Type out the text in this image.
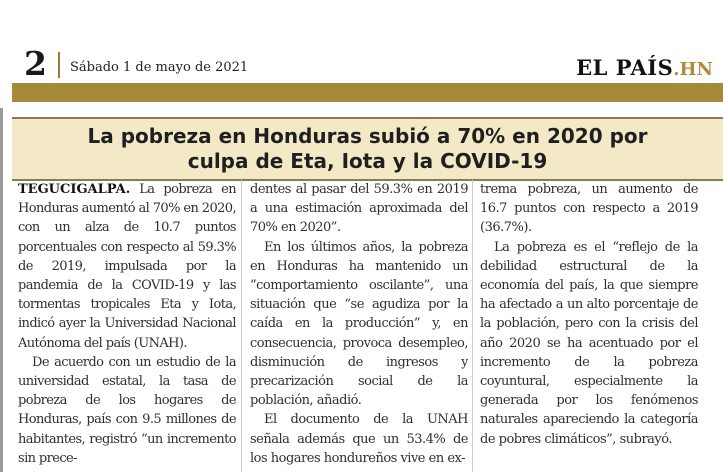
2 Sábado 1 de mayo de 2021	EL PAÍS.HN
La pobreza en Honduras subió a 70% en 2020 por
culpa de Eta, Iota y la COVID-19

TEGUCIGALPA. La pobreza en Honduras aumentó al 70% en 2020, con un alza de 10.7 puntos porcentuales con respecto al 59.3% de 2019, impulsada por la pandemia de la COVID-19 y las tormentas tropicales Eta y Iota, indicó ayer la Universidad Nacional Autónoma del país (UNAH).

De acuerdo con un estudio de la universidad estatal, la tasa de pobreza de los hogares de Honduras, país con 9.5 millones de habitantes, registró “un incremento sin prece-

dentes al pasar del 59.3% en 2019 a una estimación aproximada del 70% en 2020”.

En los últimos años, la pobreza en Honduras ha mantenido un “comportamiento oscilante”, una situación que “se agudiza por la caída en la producción” y, en consecuencia, provoca desempleo, disminución de ingresos y precarización social de la población, añadió.

El documento de la UNAH señala además que un 53.4% de los hogares hondureños vive en ex-

trema pobreza, un aumento de 16.7 puntos con respecto a 2019 (36.7%).

La pobreza es el “reflejo de la debilidad estructural de la economía del país, la que siempre ha afectado a un alto porcentaje de la población, pero con la crisis del año 2020 se ha acentuado por el incremento de la pobreza coyuntural, especialmente la generada por los fenómenos naturales apareciendo la categoría de pobres climáticos”, subrayó.
